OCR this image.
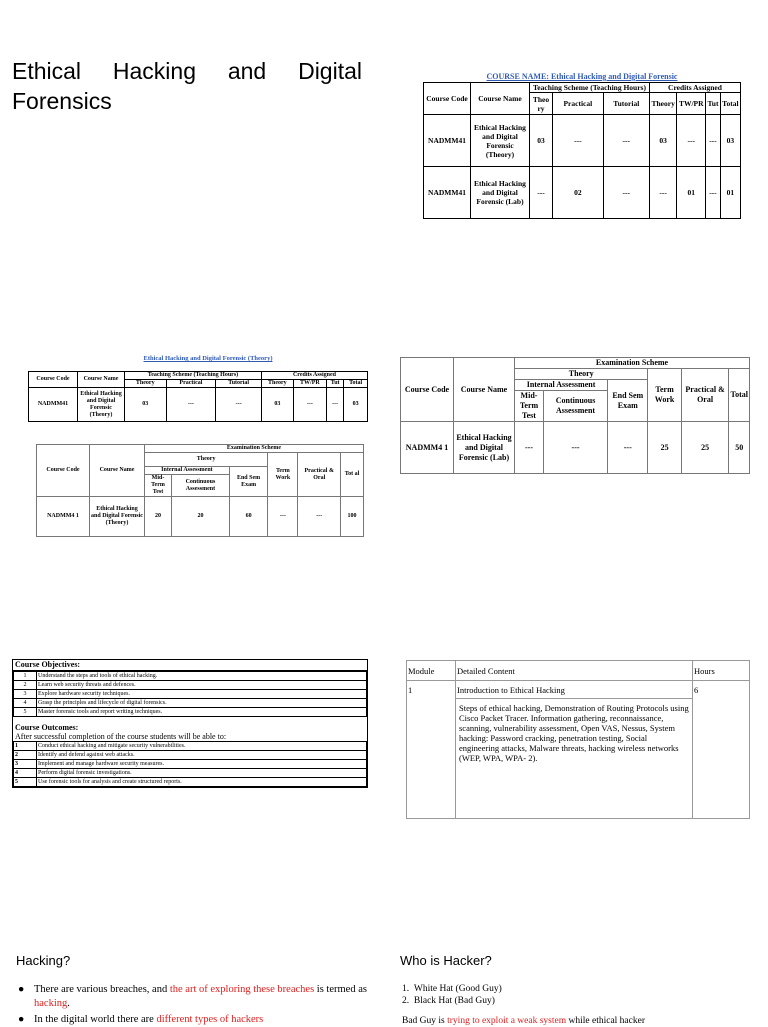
Ethical Hacking and Digital Forensics
COURSE NAME: Ethical Hacking and Digital Forensic
Course Code	Course Name	Teaching Scheme (Teaching Hours)			Credits Assigned			
		Theo ry	Practical	Tutorial	Theory	TW/PR	Tut	Total
NADMM41	Ethical Hacking and Digital Forensic (Theory)	03	---	---	03	---	---	03
NADMM41	Ethical Hacking and Digital Forensic (Lab)	---	02	---	---	01	---	01
Ethical Hacking and Digital Forensic (Theory)
Course Code	Course Name	Teaching Scheme (Teaching Hours)			Credits Assigned			
		Theory	Practical	Tutorial	Theory	TW/PR	Tut	Total
NADMM41	Ethical Hacking and Digital Forensic (Theory)	03	---	---	03	---	---	03
Course Code	Course Name	Examination Scheme					
		Theory			Term Work	Practical & Oral	Tot al
		Internal Assessment		End Sem Exam			
		Mid-Term Test	Continuous Assessment				
NADMM4 1	Ethical Hacking and Digital Forensic (Theory)	20	20	60	---	---	100
Course Code	Course Name	Examination Scheme					
		Theory			Term Work	Practical & Oral	Total
		Internal Assessment		End Sem Exam			
		Mid-Term Test	Continuous Assessment				
NADMM4 1	Ethical Hacking and Digital Forensic (Lab)	---	---	---	25	25	50
Course Objectives:
1	Understand the steps and tools of ethical hacking.
2	Learn web security threats and defences.
3	Explore hardware security techniques.
4	Grasp the principles and lifecycle of digital forensics.
5	Master forensic tools and report writing techniques.
Course Outcomes:
After successful completion of the course students will be able to:
1	Conduct ethical hacking and mitigate security vulnerabilities.
2	Identify and defend against web attacks.
3	Implement and manage hardware security measures.
4	Perform digital forensic investigations.
5	Use forensic tools for analysis and create structured reports.
Module	Detailed Content	Hours
1	Introduction to Ethical Hacking	6
	Steps of ethical hacking, Demonstration of Routing Protocols using Cisco Packet Tracer. Information gathering, reconnaissance, scanning, vulnerability assessment, Open VAS, Nessus, System hacking: Password cracking, penetration testing, Social engineering attacks, Malware threats, hacking wireless networks (WEP, WPA, WPA- 2).	
Hacking?
● There are various breaches, and the art of exploring these breaches is termed as hacking.
● In the digital world there are different types of hackers
Who is Hacker?
1.  White Hat (Good Guy)
2.  Black Hat (Bad Guy)
Bad Guy is trying to exploit a weak system while ethical hacker
